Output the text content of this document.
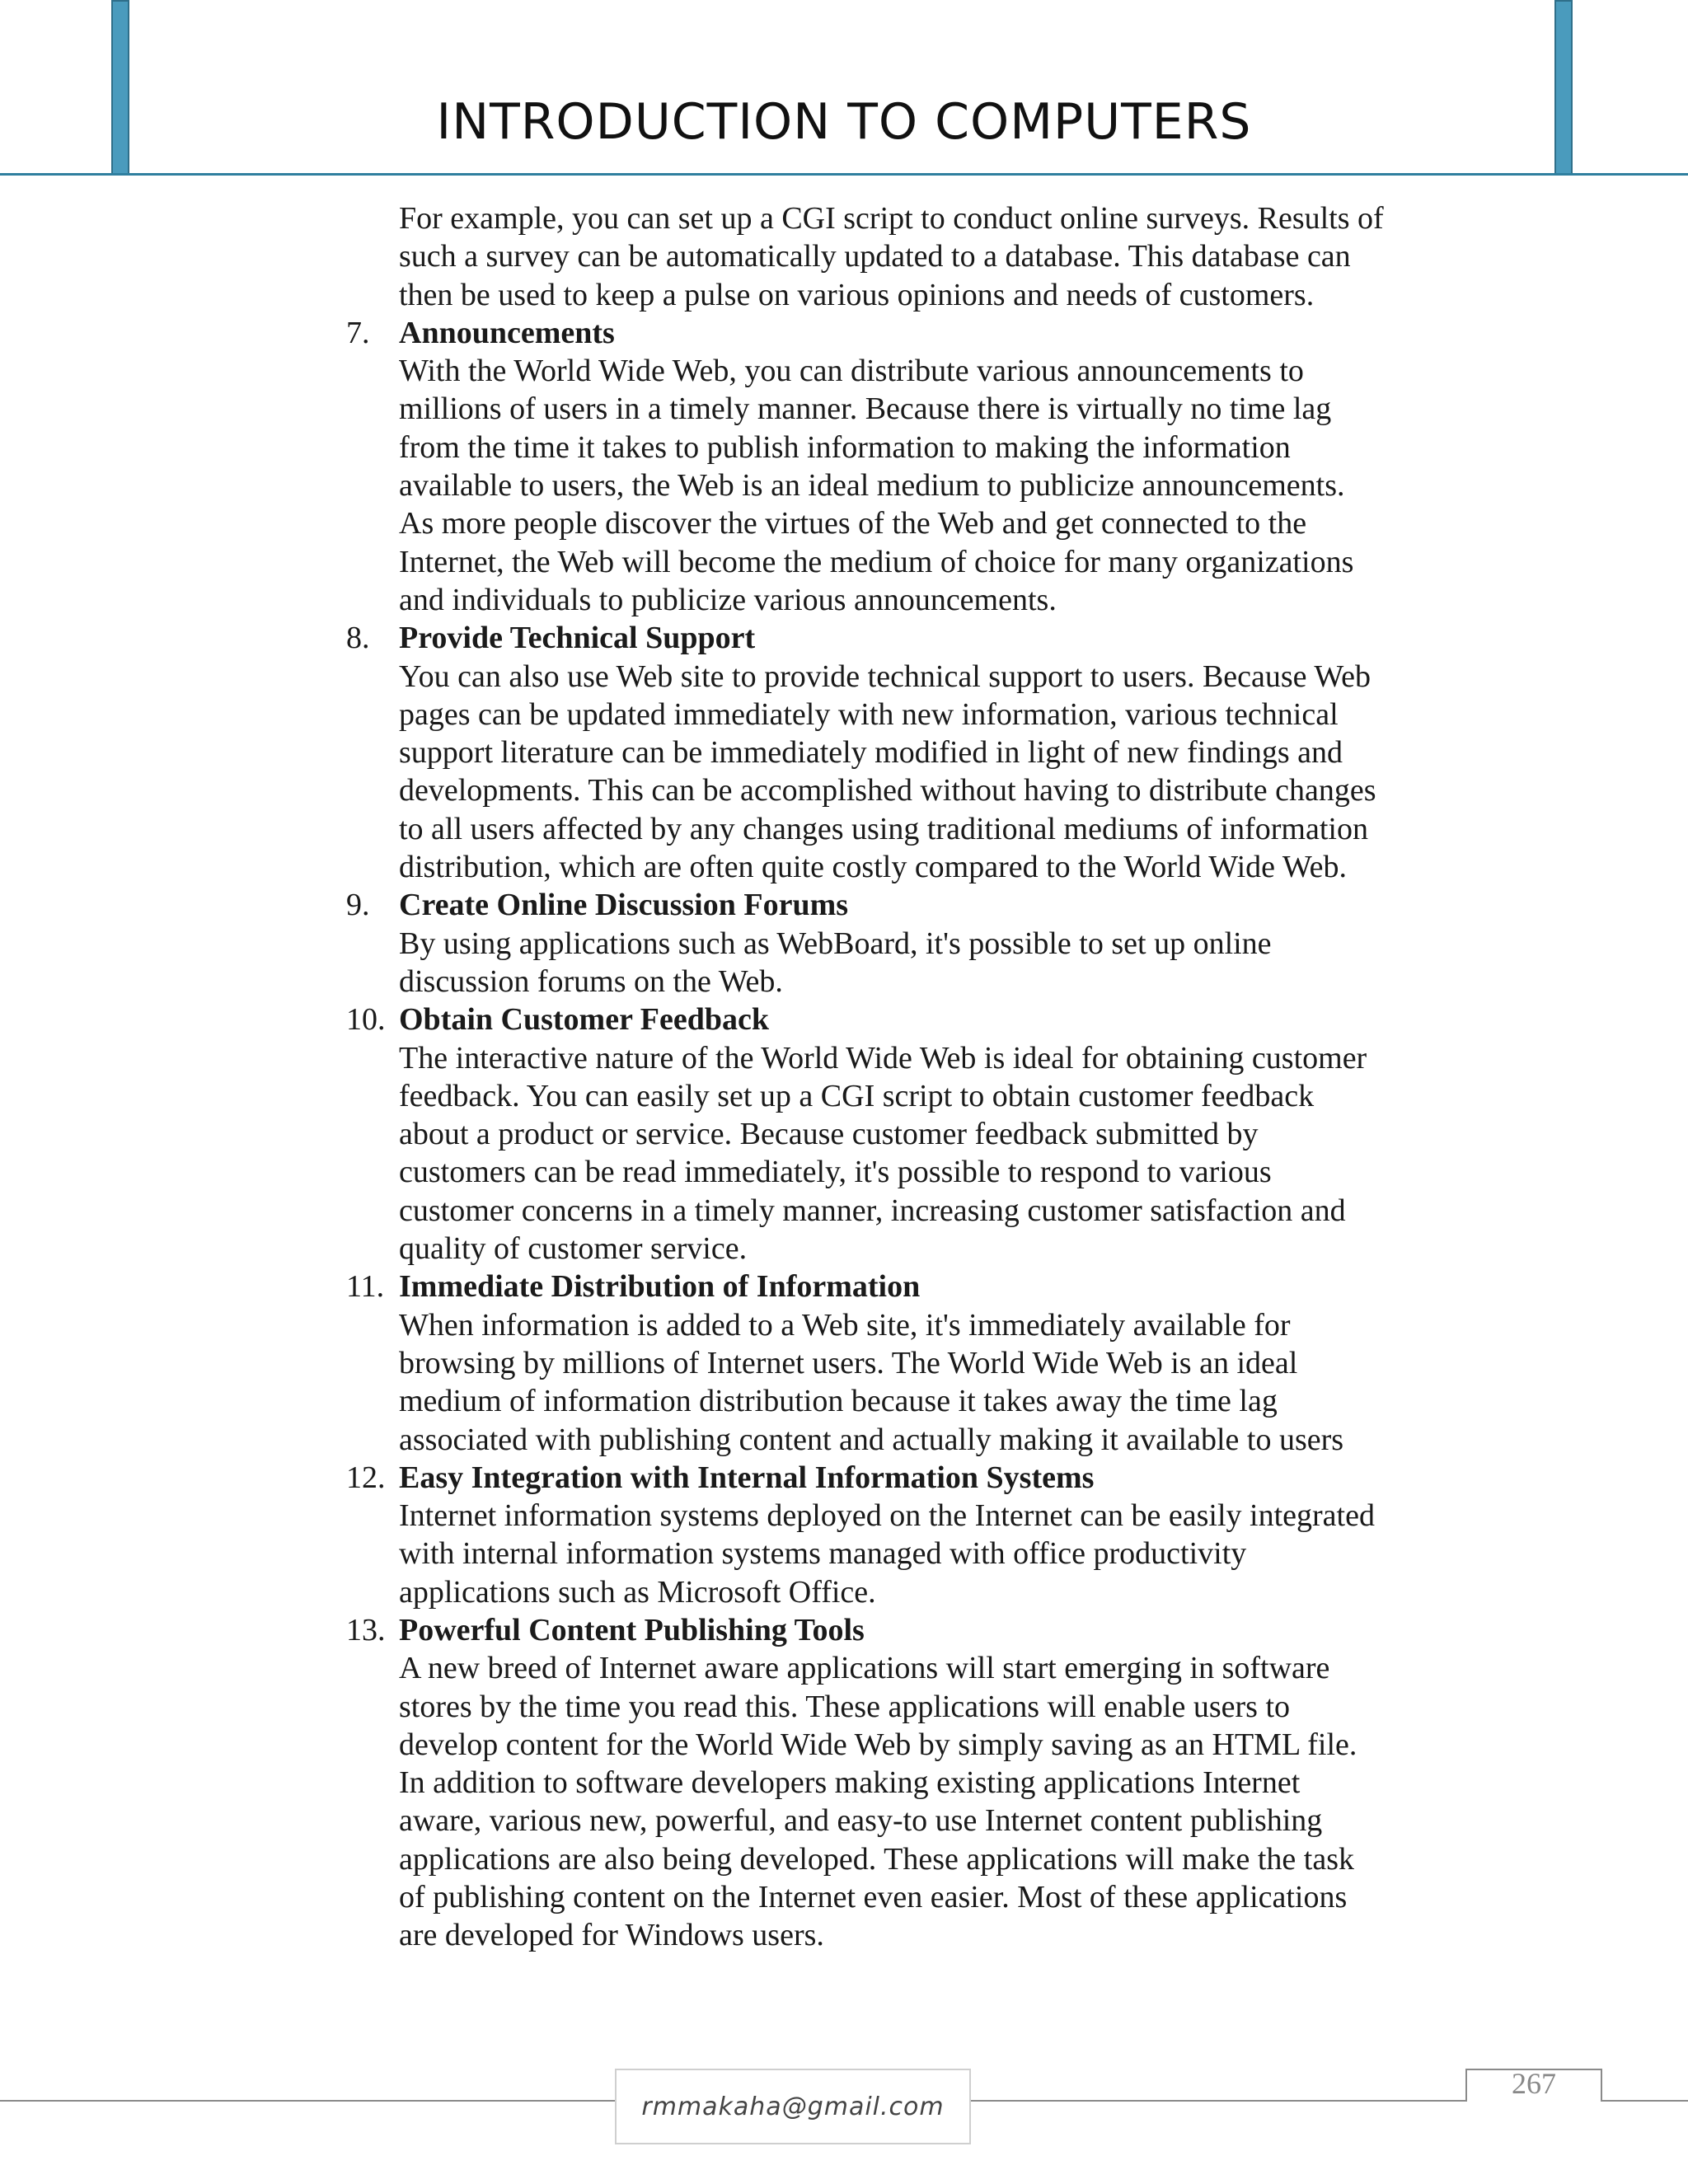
INTRODUCTION TO COMPUTERS

For example, you can set up a CGI script to conduct online surveys. Results of

such a survey can be automatically updated to a database. This database can

then be used to keep a pulse on various opinions and needs of customers.

7. Announcements

With the World Wide Web, you can distribute various announcements to

millions of users in a timely manner. Because there is virtually no time lag

from the time it takes to publish information to making the information

available to users, the Web is an ideal medium to publicize announcements.

As more people discover the virtues of the Web and get connected to the

Internet, the Web will become the medium of choice for many organizations

and individuals to publicize various announcements.

8. Provide Technical Support

You can also use Web site to provide technical support to users. Because Web

pages can be updated immediately with new information, various technical

support literature can be immediately modified in light of new findings and

developments. This can be accomplished without having to distribute changes

to all users affected by any changes using traditional mediums of information

distribution, which are often quite costly compared to the World Wide Web.

9. Create Online Discussion Forums

By using applications such as WebBoard, it's possible to set up online

discussion forums on the Web.

10. Obtain Customer Feedback

The interactive nature of the World Wide Web is ideal for obtaining customer

feedback. You can easily set up a CGI script to obtain customer feedback

about a product or service. Because customer feedback submitted by

customers can be read immediately, it's possible to respond to various

customer concerns in a timely manner, increasing customer satisfaction and

quality of customer service.

11. Immediate Distribution of Information

When information is added to a Web site, it's immediately available for

browsing by millions of Internet users. The World Wide Web is an ideal

medium of information distribution because it takes away the time lag

associated with publishing content and actually making it available to users

12. Easy Integration with Internal Information Systems

Internet information systems deployed on the Internet can be easily integrated

with internal information systems managed with office productivity

applications such as Microsoft Office.

13. Powerful Content Publishing Tools

A new breed of Internet aware applications will start emerging in software

stores by the time you read this. These applications will enable users to

develop content for the World Wide Web by simply saving as an HTML file.

In addition to software developers making existing applications Internet

aware, various new, powerful, and easy-to use Internet content publishing

applications are also being developed. These applications will make the task

of publishing content on the Internet even easier. Most of these applications

are developed for Windows users.

rmmakaha@gmail.com
267
